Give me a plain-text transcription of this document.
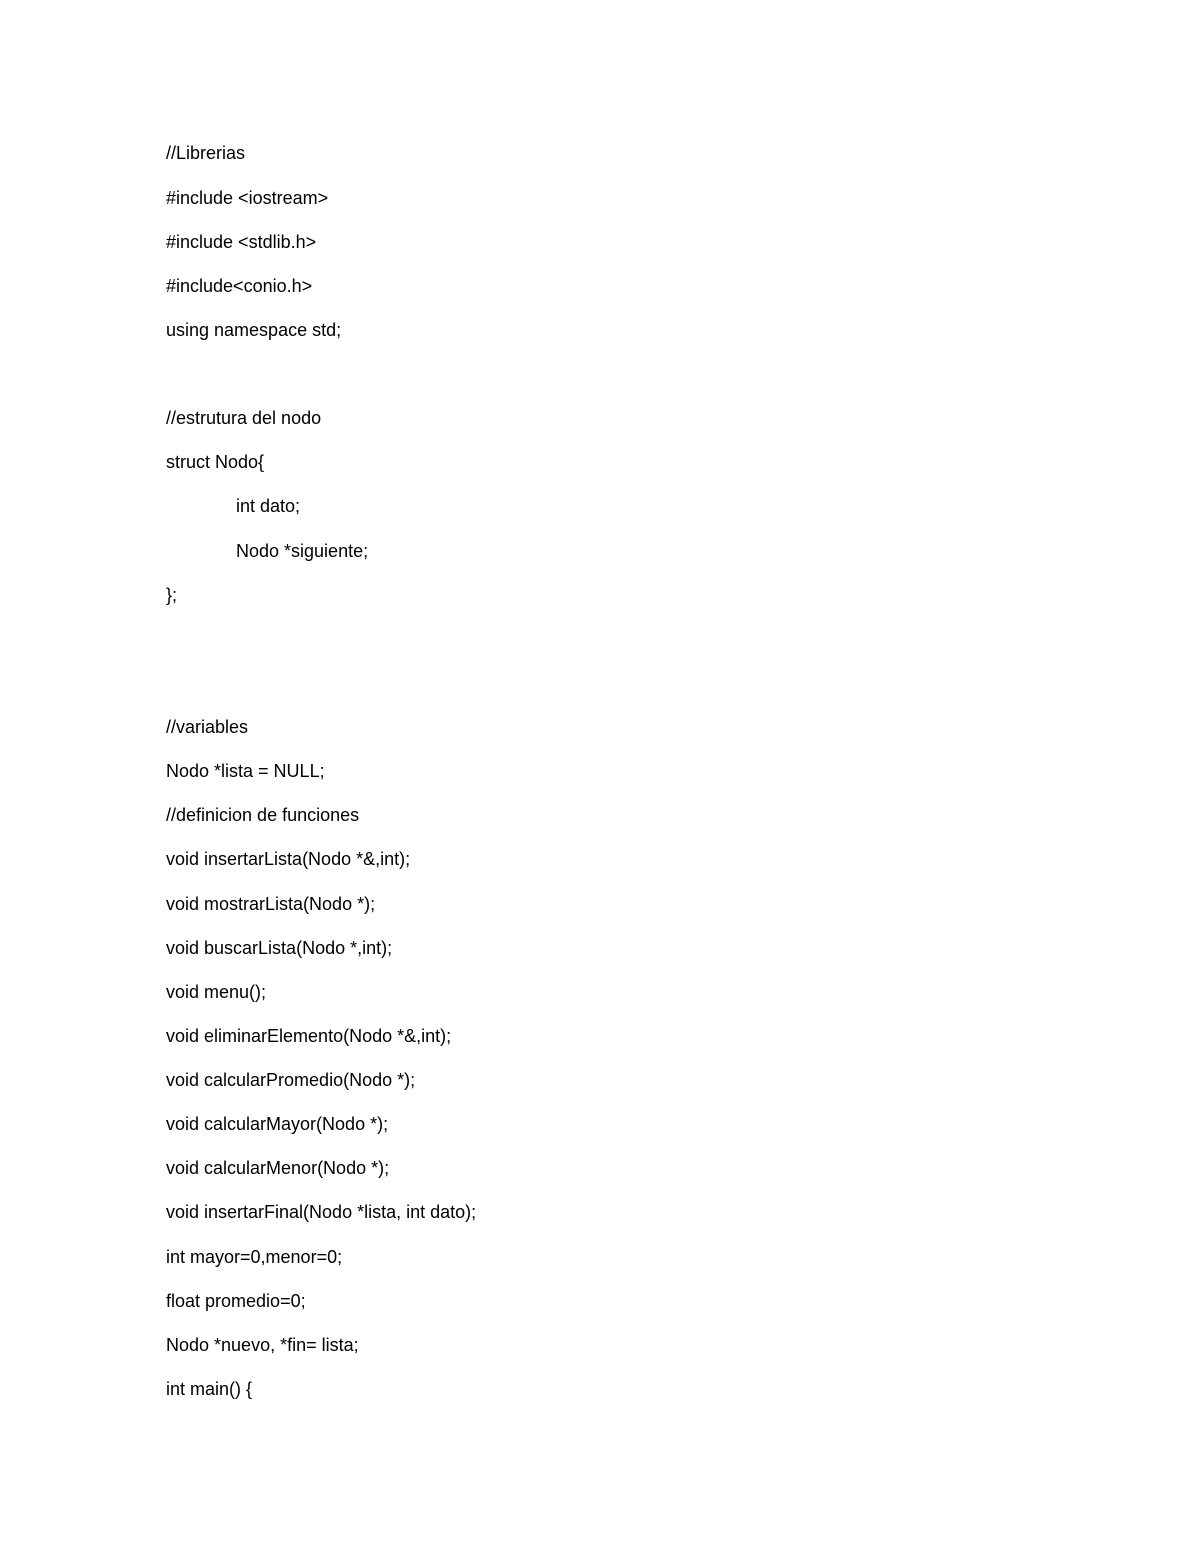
//Librerias
#include <iostream>
#include <stdlib.h>
#include<conio.h>
using namespace std;
//estrutura del nodo
struct Nodo{
int dato;
Nodo *siguiente;
};
//variables
Nodo *lista = NULL;
//definicion de funciones
void insertarLista(Nodo *&,int);
void mostrarLista(Nodo *);
void buscarLista(Nodo *,int);
void menu();
void eliminarElemento(Nodo *&,int);
void calcularPromedio(Nodo *);
void calcularMayor(Nodo *);
void calcularMenor(Nodo *);
void insertarFinal(Nodo *lista, int dato);
int mayor=0,menor=0;
float promedio=0;
Nodo *nuevo, *fin= lista;
int main() {
